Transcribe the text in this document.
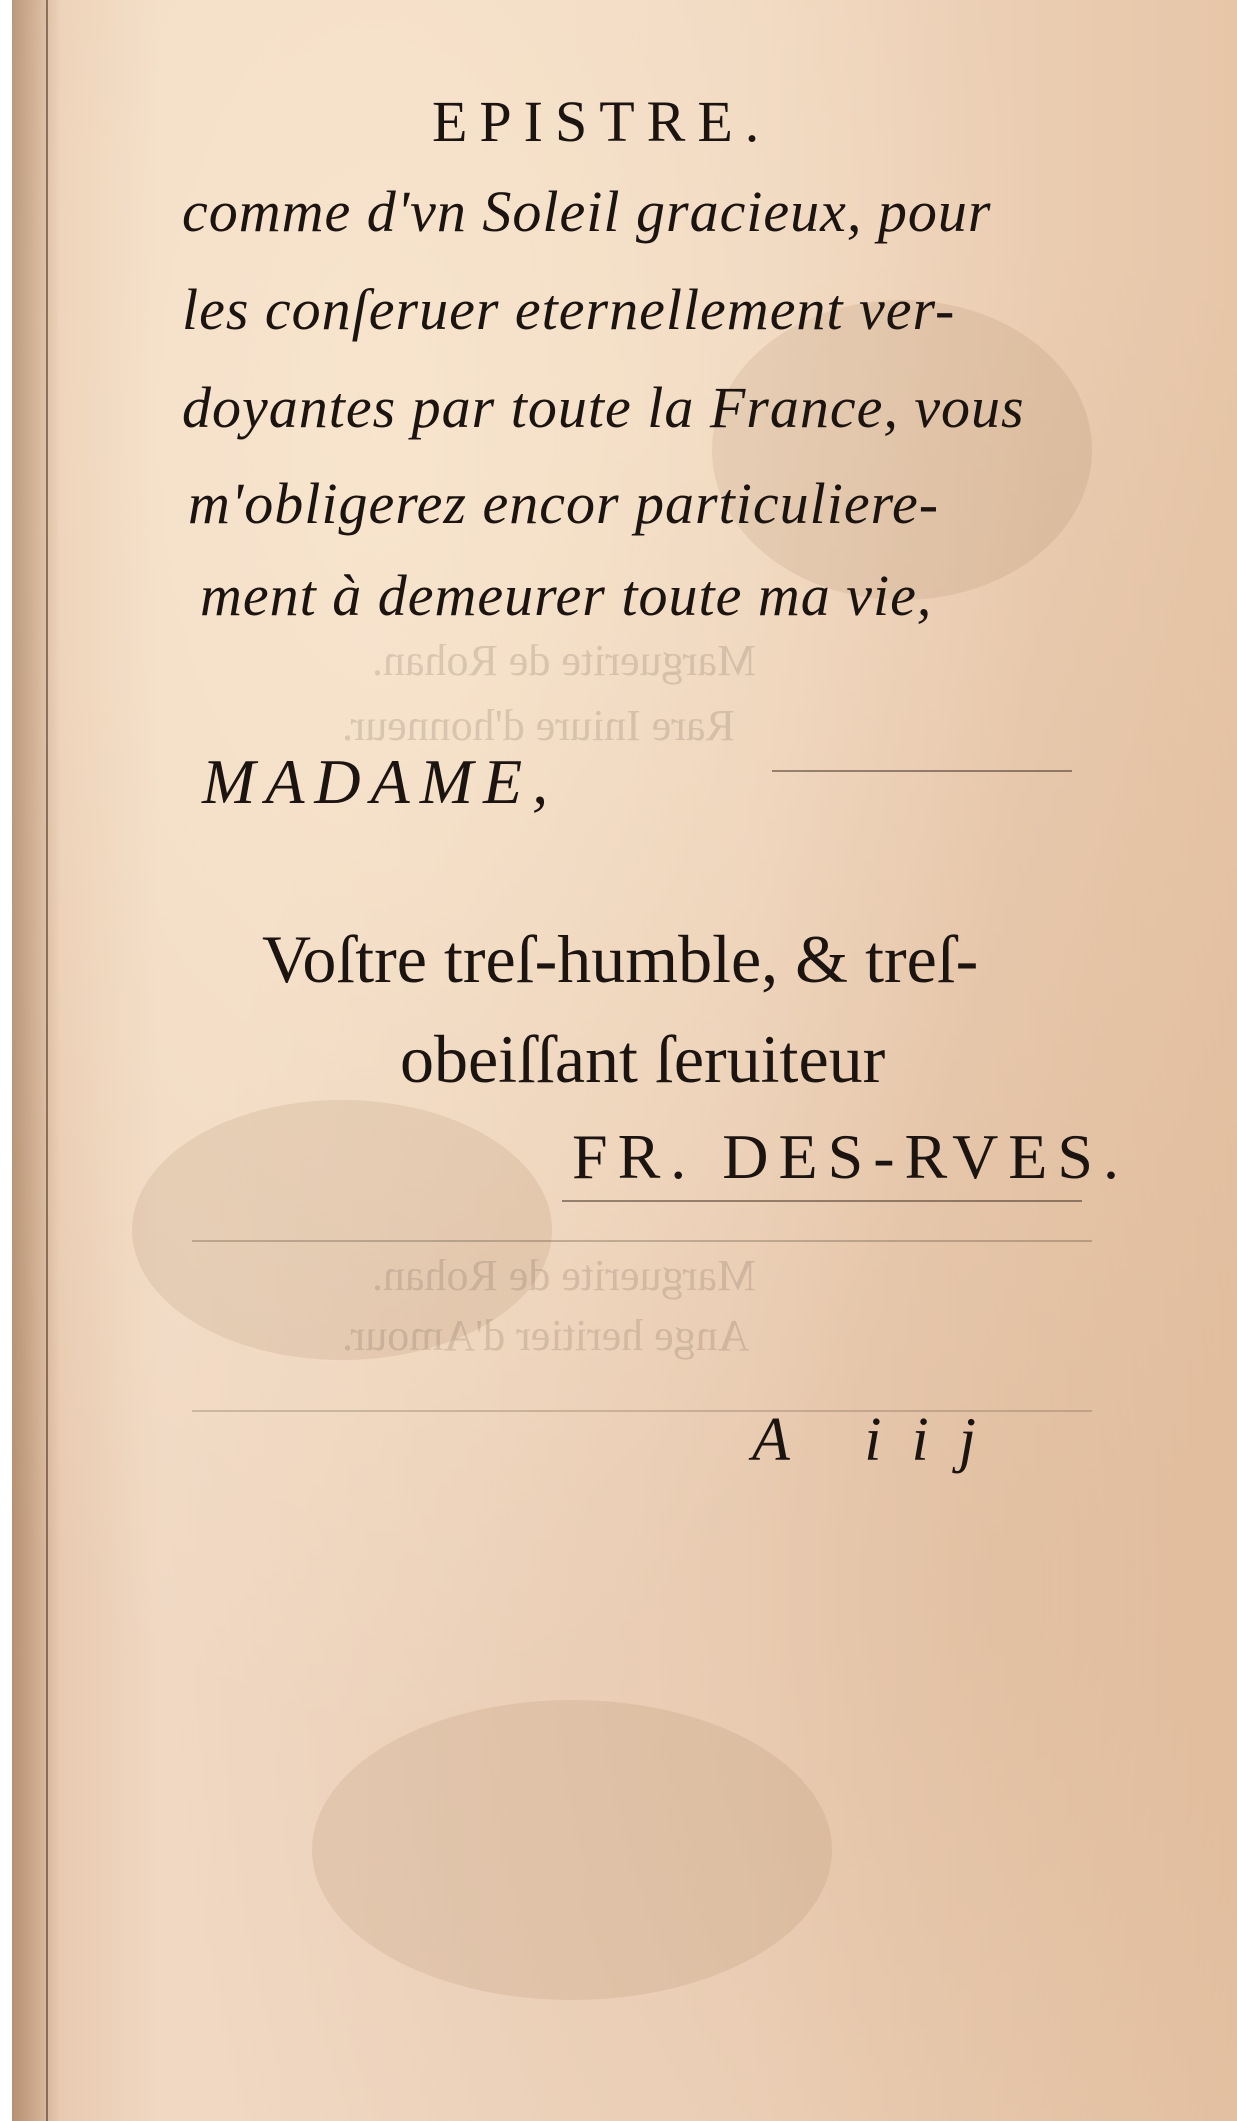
Marguerite de Rohan.
Rare Iniure d'honneur.
Marguerite de Rohan.
Ange heritier d'Amour.
EPISTRE.
comme d'vn Soleil gracieux, pour
les conſeruer eternellement ver-
doyantes par toute la France, vous
m'obligerez encor particuliere-
ment à demeurer toute ma vie,
MADAME,
Voſtre treſ-humble, & treſ-
obeiſſant ſeruiteur
FR. DES-RVES.
A iij
